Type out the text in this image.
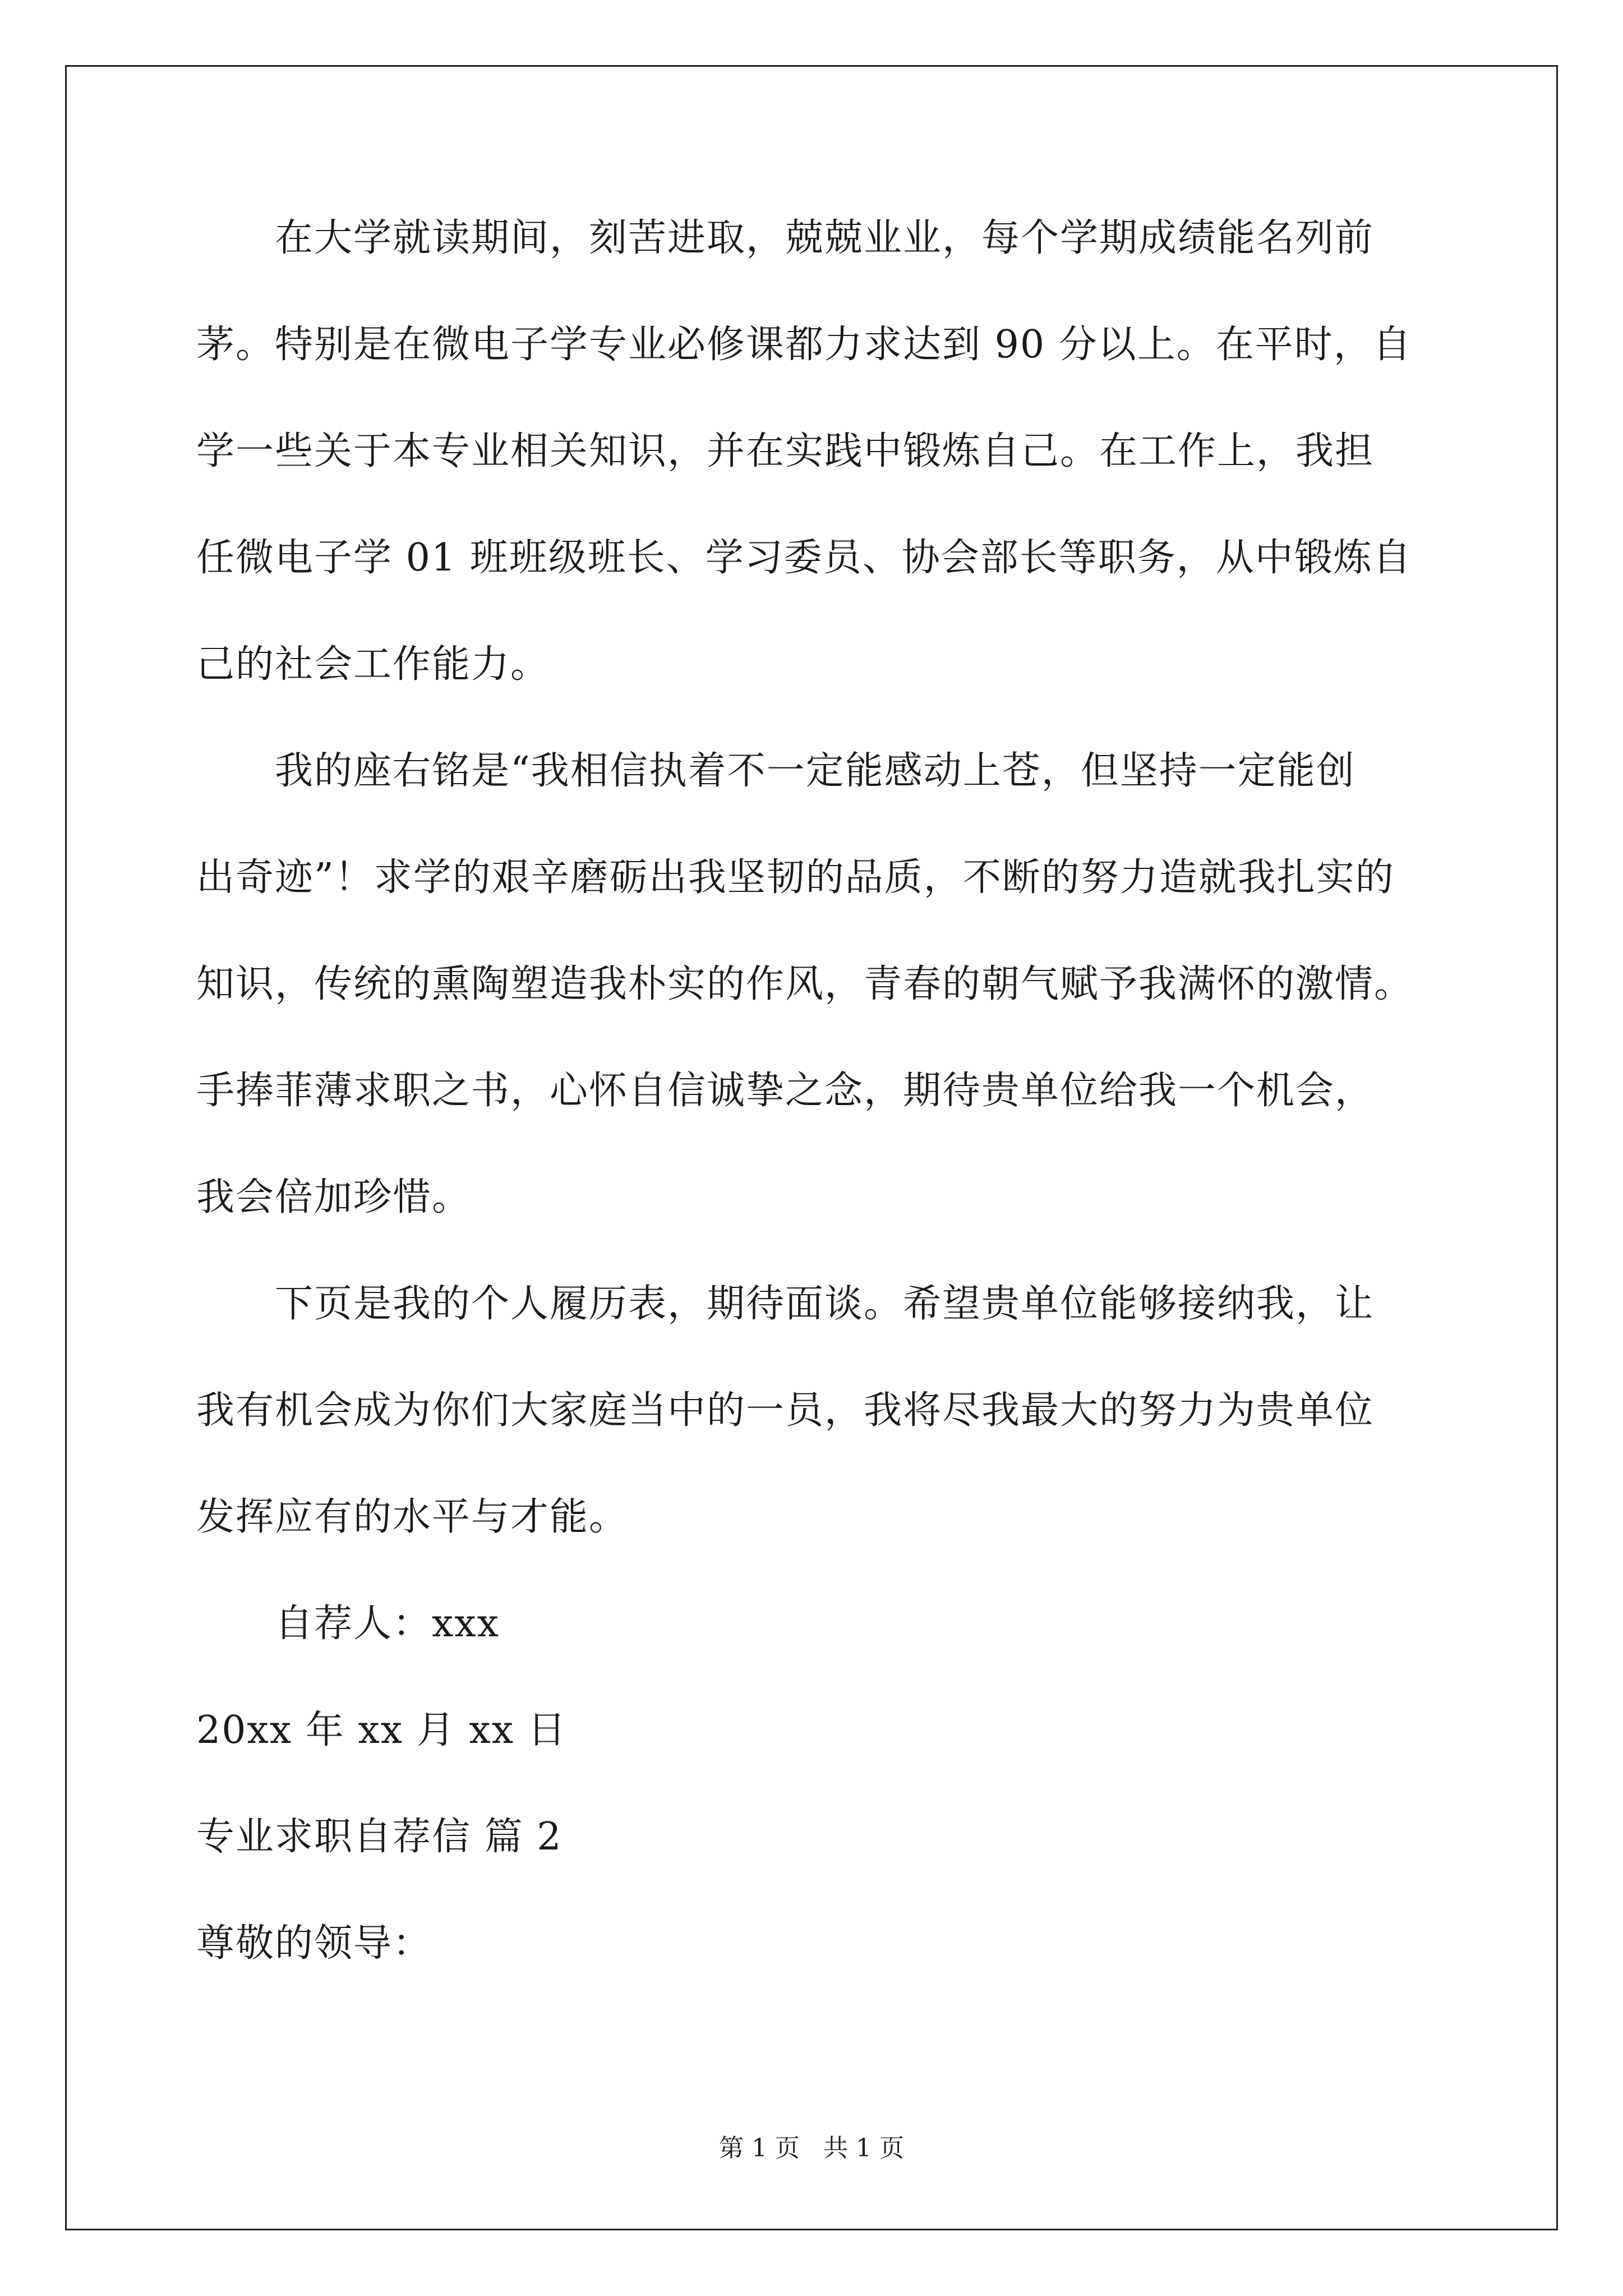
　　在大学就读期间，刻苦进取，兢兢业业，每个学期成绩能名列前
茅。特别是在微电子学专业必修课都力求达到 90 分以上。在平时，自
学一些关于本专业相关知识，并在实践中锻炼自己。在工作上，我担
任微电子学 01 班班级班长、学习委员、协会部长等职务，从中锻炼自
己的社会工作能力。
　　我的座右铭是“我相信执着不一定能感动上苍，但坚持一定能创
出奇迹”！求学的艰辛磨砺出我坚韧的品质，不断的努力造就我扎实的
知识，传统的熏陶塑造我朴实的作风，青春的朝气赋予我满怀的激情。
手捧菲薄求职之书，心怀自信诚挚之念，期待贵单位给我一个机会，
我会倍加珍惜。
　　下页是我的个人履历表，期待面谈。希望贵单位能够接纳我，让
我有机会成为你们大家庭当中的一员，我将尽我最大的努力为贵单位
发挥应有的水平与才能。
　　自荐人：xxx
20xx 年 xx 月 xx 日
专业求职自荐信 篇 2
尊敬的领导：
第 1 页   共 1 页
